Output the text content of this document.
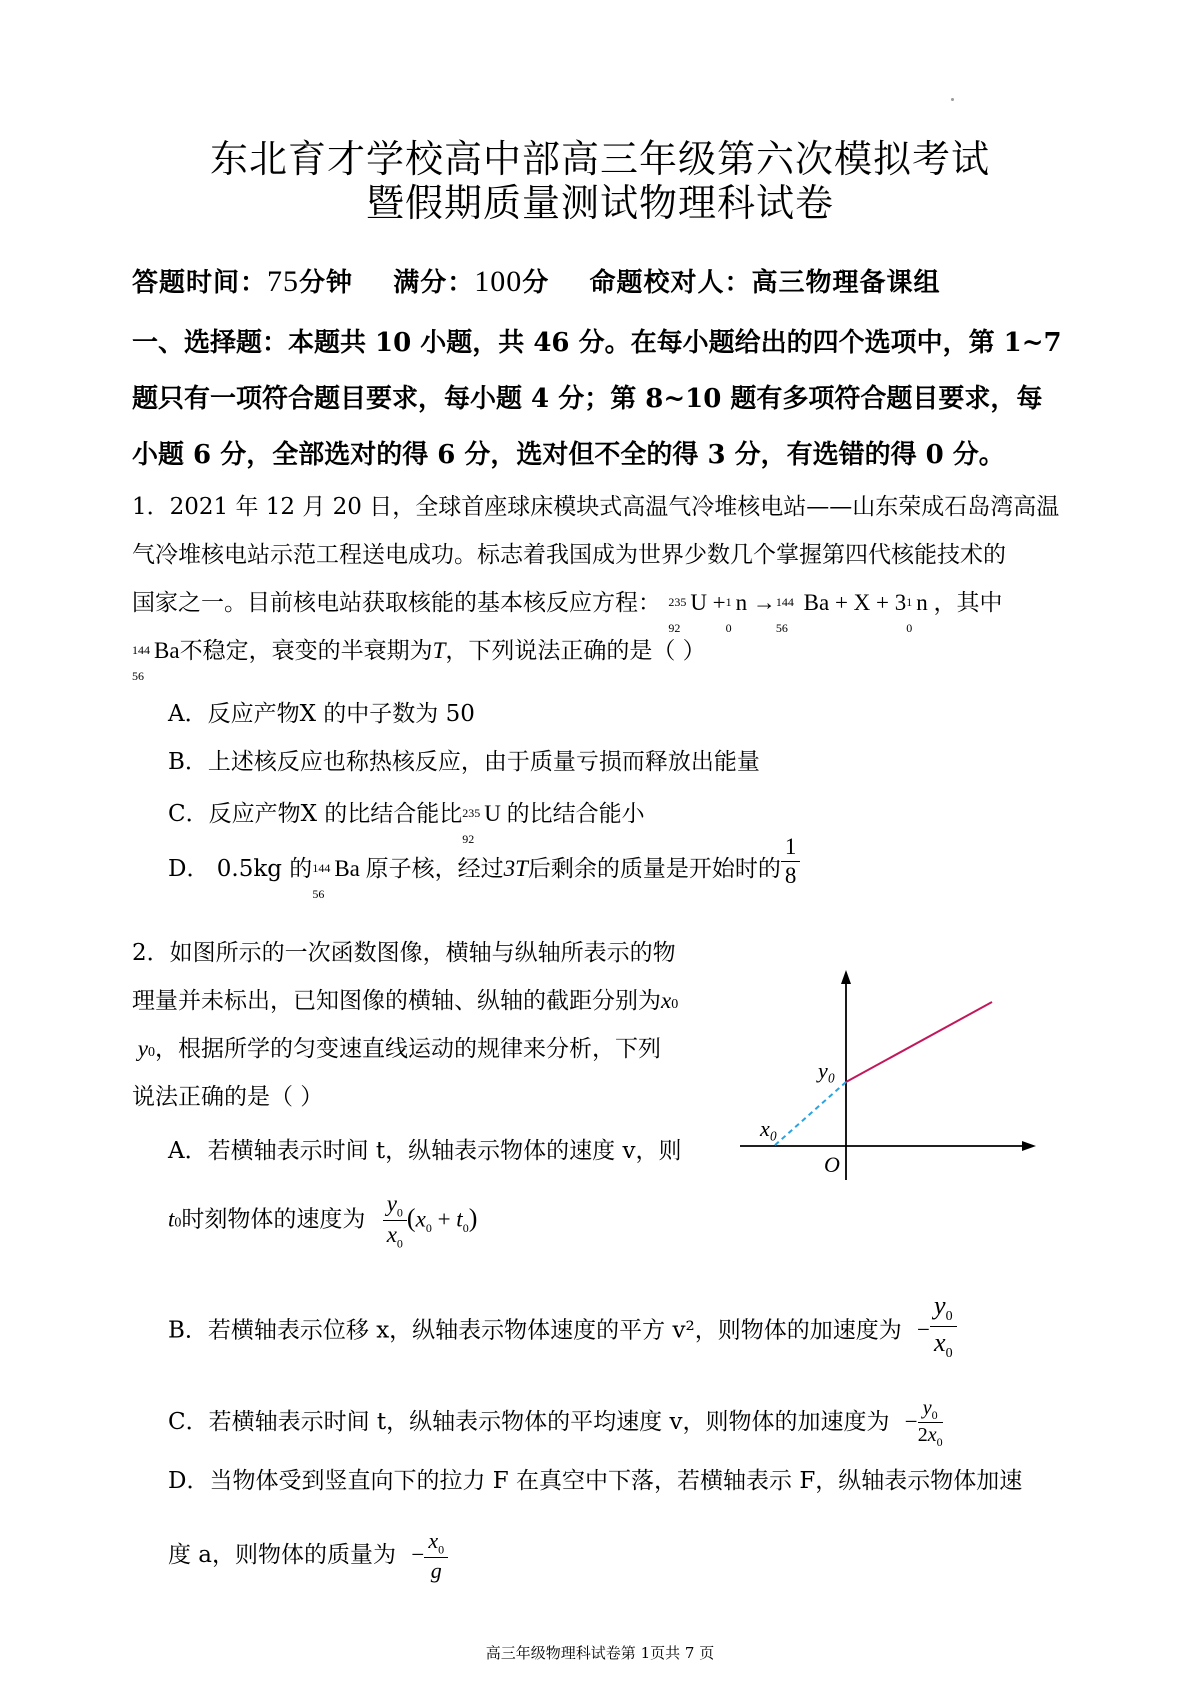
东北育才学校高中部高三年级第六次模拟考试
暨假期质量测试物理科试卷
答题时间：75分钟 满分：100分 命题校对人：高三物理备课组
一、选择题：本题共 10 小题，共 46 分。在每小题给出的四个选项中，第 1~7
题只有一项符合题目要求，每小题 4 分；第 8~10 题有多项符合题目要求，每
小题 6 分，全部选对的得 6 分，选对但不全的得 3 分，有选错的得 0 分。
1．2021 年 12 月 20 日，全球首座球床模块式高温气冷堆核电站——山东荣成石岛湾高温
气冷堆核电站示范工程送电成功。标志着我国成为世界少数几个掌握第四代核能技术的
国家之一。目前核电站获取核能的基本核反应方程： 235
92
U + 1
0
n → 144
56
Ba + X + 3 1
0
n ，其中
144
56
Ba不稳定，衰变的半衰期为T，下列说法正确的是（ ）
A．反应产物X 的中子数为 50
B．上述核反应也称热核反应，由于质量亏损而释放出能量
C．反应产物X 的比结合能比 235
92
U 的比结合能小
D． 0.5kg 的 144
56
Ba 原子核，经过3T后剩余的质量是开始时的 $\frac{1}{8}$
2．如图所示的一次函数图像，横轴与纵轴所表示的物
理量并未标出，已知图像的横轴、纵轴的截距分别为x0
y0，根据所学的匀变速直线运动的规律来分析，下列
说法正确的是（ ）
A．若横轴表示时间 t，纵轴表示物体的速度 v，则
t0时刻物体的速度为 $\frac{y_0}{x_0} (x_0 + t_0)$
B．若横轴表示位移 x，纵轴表示物体速度的平方 v²，则物体的加速度为 − $\frac{y_0}{x_0}$
C．若横轴表示时间 t，纵轴表示物体的平均速度 v，则物体的加速度为 − $\frac{y_0}{2x_0}$
D．当物体受到竖直向下的拉力 F 在真空中下落，若横轴表示 F，纵轴表示物体加速
度 a，则物体的质量为 − $\frac{x_0}{g}$
y₀
x₀
O
高三年级物理科试卷第 1页共 7 页
